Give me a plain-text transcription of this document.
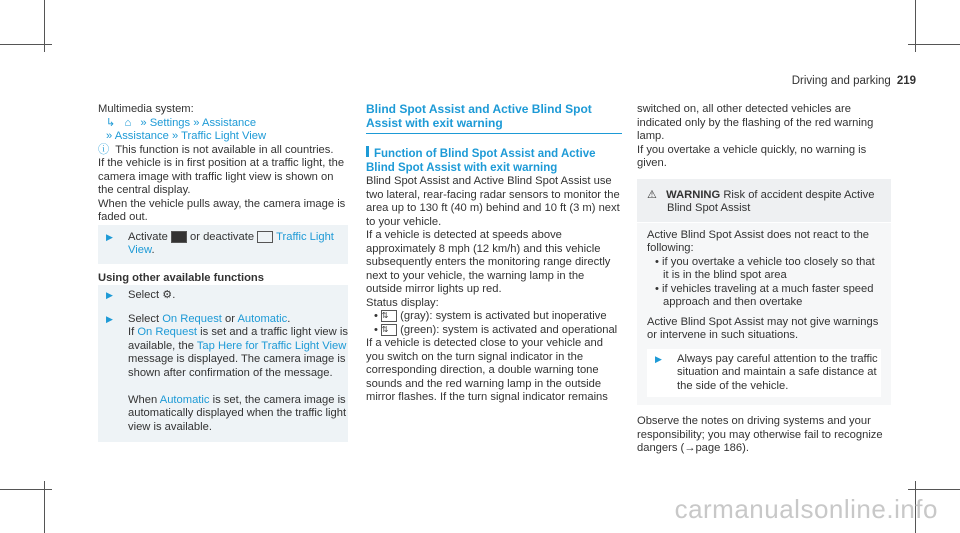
Driving and parking 219

Multimedia system:

↳ ⌂ » Settings » Assistance

» Assistance » Traffic Light View

ⓘ This function is not available in all countries.

If the vehicle is in first position at a traffic light, the camera image with traffic light view is shown on the central display.

When the vehicle pulls away, the camera image is faded out.

▶	Activate or deactivate Traffic Light View.

Using other available functions

▶	Select ⚙.
▶	Select On Request or Automatic.
If On Request is set and a traffic light view is available, the Tap Here for Traffic Light View message is displayed. The camera image is shown after confirmation of the message.

When Automatic is set, the camera image is automatically displayed when the traffic light view is available.

Blind Spot Assist and Active Blind Spot Assist with exit warning

Function of Blind Spot Assist and Active Blind Spot Assist with exit warning

Blind Spot Assist and Active Blind Spot Assist use two lateral, rear-facing radar sensors to monitor the area up to 130 ft (40 m) behind and 10 ft (3 m) next to your vehicle.

If a vehicle is detected at speeds above approximately 8 mph (12 km/h) and this vehicle subsequently enters the monitoring range directly next to your vehicle, the warning lamp in the outside mirror lights up red.

Status display:

• ⇅ (gray): system is activated but inoperative

• ⇅ (green): system is activated and operational

If a vehicle is detected close to your vehicle and you switch on the turn signal indicator in the corresponding direction, a double warning tone sounds and the red warning lamp in the outside mirror flashes. If the turn signal indicator remains

switched on, all other detected vehicles are indicated only by the flashing of the red warning lamp.

If you overtake a vehicle quickly, no warning is given.

⚠ WARNING Risk of accident despite Active Blind Spot Assist

Active Blind Spot Assist does not react to the following:

• if you overtake a vehicle too closely so that it is in the blind spot area

• if vehicles traveling at a much faster speed approach and then overtake

Active Blind Spot Assist may not give warnings or intervene in such situations.

▶	Always pay careful attention to the traffic situation and maintain a safe distance at the side of the vehicle.

Observe the notes on driving systems and your responsibility; you may otherwise fail to recognize dangers (→page 186).

carmanualsonline.info
